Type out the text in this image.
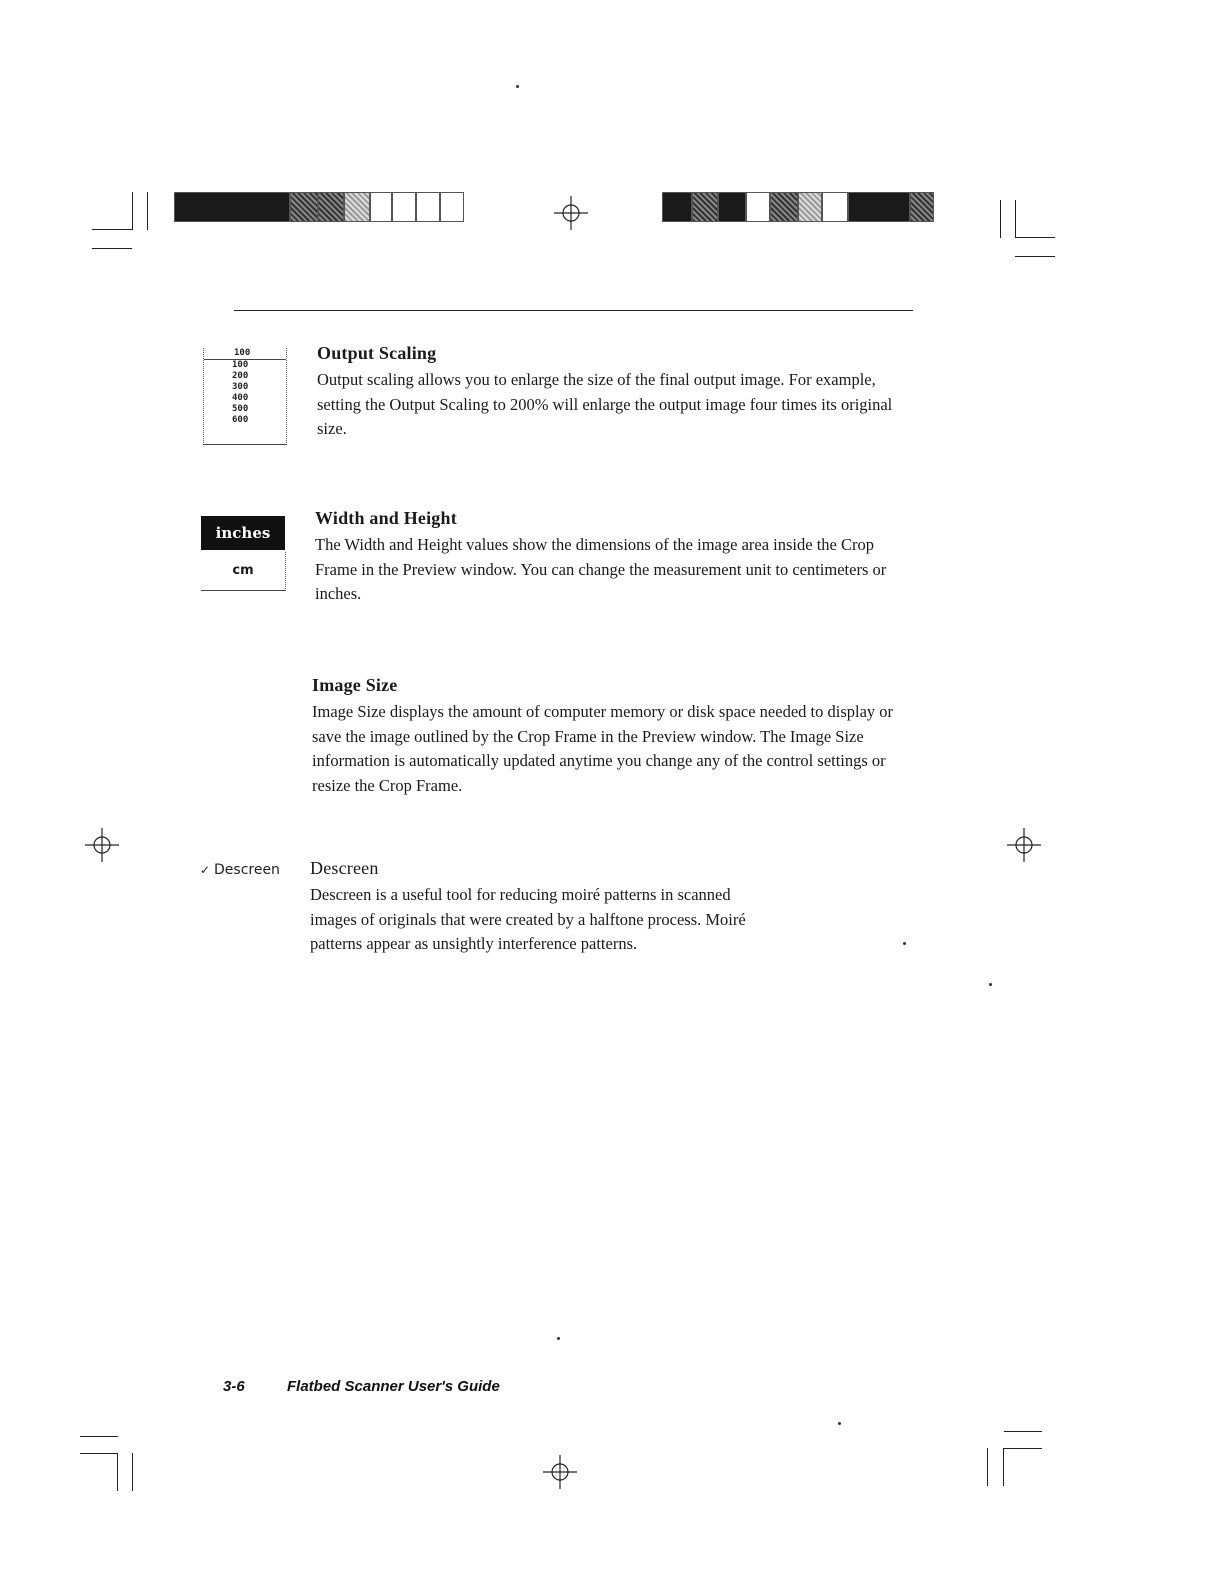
100
100
200
300
400
500
600
Output Scaling

Output scaling allows you to enlarge the size of the final output image. For example, setting the Output Scaling to 200% will enlarge the output image four times its original size.

inches
cm
Width and Height

The Width and Height values show the dimensions of the image area inside the Crop Frame in the Preview window. You can change the measurement unit to centimeters or inches.

Image Size

Image Size displays the amount of computer memory or disk space needed to display or save the image outlined by the Crop Frame in the Preview window. The Image Size information is automatically updated anytime you change any of the control settings or resize the Crop Frame.

✓ Descreen	Descreen

Descreen is a useful tool for reducing moiré patterns in scanned images of originals that were created by a halftone process. Moiré patterns appear as unsightly interference patterns.

3-6	Flatbed Scanner User's Guide
